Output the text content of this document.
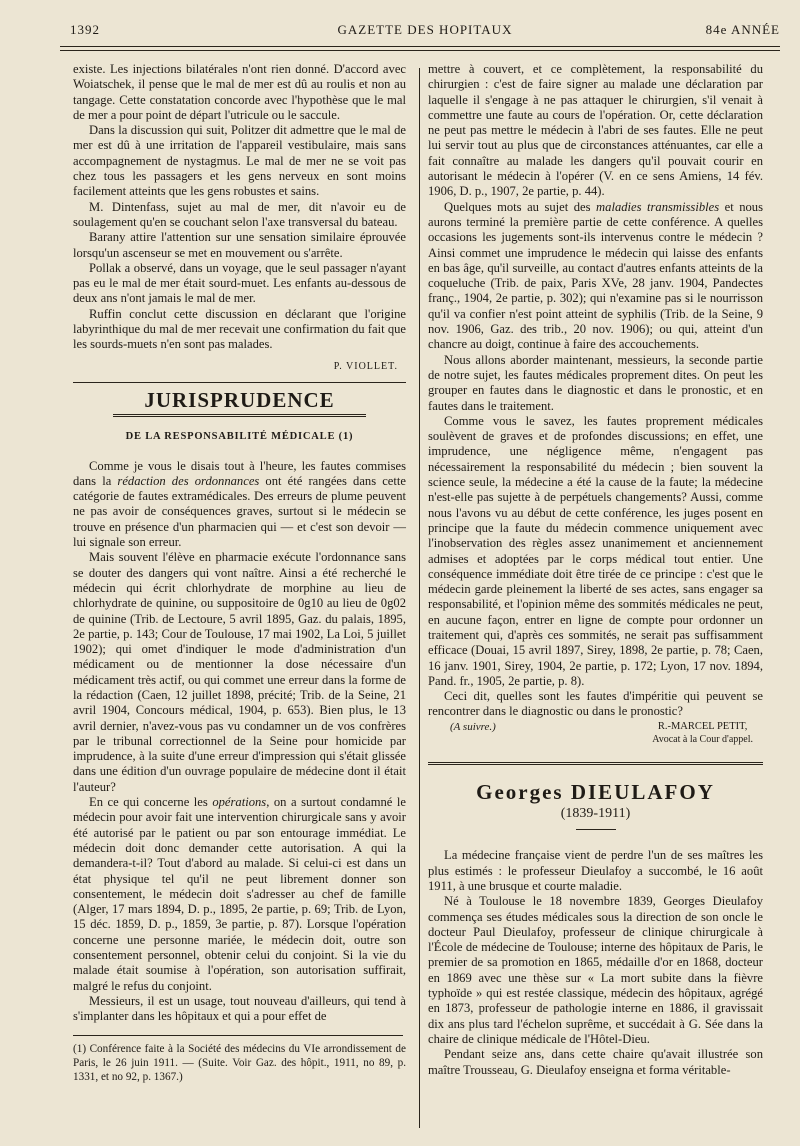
1392	GAZETTE DES HOPITAUX	84e ANNÉE

existe. Les injections bilatérales n'ont rien donné. D'accord avec Woiatschek, il pense que le mal de mer est dû au roulis et non au tangage. Cette constatation concorde avec l'hypothèse que le mal de mer a pour point de départ l'utricule ou le saccule.

Dans la discussion qui suit, Politzer dit admettre que le mal de mer est dû à une irritation de l'appareil vestibulaire, mais sans accompagnement de nystagmus. Le mal de mer ne se voit pas chez tous les passagers et les gens nerveux en sont moins facilement atteints que les gens robustes et sains.

M. Dintenfass, sujet au mal de mer, dit n'avoir eu de soulagement qu'en se couchant selon l'axe transversal du bateau.

Barany attire l'attention sur une sensation similaire éprouvée lorsqu'un ascenseur se met en mouvement ou s'arrête.

Pollak a observé, dans un voyage, que le seul passager n'ayant pas eu le mal de mer était sourd-muet. Les enfants au-dessous de deux ans n'ont jamais le mal de mer.

Ruffin conclut cette discussion en déclarant que l'origine labyrinthique du mal de mer recevait une confirmation du fait que les sourds-muets n'en sont pas malades.

P. VIOLLET.
JURISPRUDENCE
DE LA RESPONSABILITÉ MÉDICALE (1)

Comme je vous le disais tout à l'heure, les fautes commises dans la rédaction des ordonnances ont été rangées dans cette catégorie de fautes extramédicales. Des erreurs de plume peuvent ne pas avoir de conséquences graves, surtout si le médecin se trouve en présence d'un pharmacien qui — et c'est son devoir — lui signale son erreur.

Mais souvent l'élève en pharmacie exécute l'ordonnance sans se douter des dangers qui vont naître. Ainsi a été recherché le médecin qui écrit chlorhydrate de morphine au lieu de chlorhydrate de quinine, ou suppositoire de 0g10 au lieu de 0g02 de quinine (Trib. de Lectoure, 5 avril 1895, Gaz. du palais, 1895, 2e partie, p. 143; Cour de Toulouse, 17 mai 1902, La Loi, 5 juillet 1902); qui omet d'indiquer le mode d'administration d'un médicament ou de mentionner la dose nécessaire d'un médicament très actif, ou qui commet une erreur dans la forme de la rédaction (Caen, 12 juillet 1898, précité; Trib. de la Seine, 21 avril 1904, Concours médical, 1904, p. 653). Bien plus, le 13 avril dernier, n'avez-vous pas vu condamner un de vos confrères par le tribunal correctionnel de la Seine pour homicide par imprudence, à la suite d'une erreur d'impression qui s'était glissée dans une édition d'un ouvrage populaire de médecine dont il était l'auteur?

En ce qui concerne les opérations, on a surtout condamné le médecin pour avoir fait une intervention chirurgicale sans y avoir été autorisé par le patient ou par son entourage immédiat. Le médecin doit donc demander cette autorisation. A qui la demandera-t-il? Tout d'abord au malade. Si celui-ci est dans un état physique tel qu'il ne peut librement donner son consentement, le médecin doit s'adresser au chef de famille (Alger, 17 mars 1894, D. p., 1895, 2e partie, p. 69; Trib. de Lyon, 15 déc. 1859, D. p., 1859, 3e partie, p. 87). Lorsque l'opération concerne une personne mariée, le médecin doit, outre son consentement personnel, obtenir celui du conjoint. Si la vie du malade était soumise à l'opération, son autorisation suffirait, malgré le refus du conjoint.

Messieurs, il est un usage, tout nouveau d'ailleurs, qui tend à s'implanter dans les hôpitaux et qui a pour effet de

(1) Conférence faite à la Société des médecins du VIe arrondissement de Paris, le 26 juin 1911. — (Suite. Voir Gaz. des hôpit., 1911, no 89, p. 1331, et no 92, p. 1367.)

mettre à couvert, et ce complètement, la responsabilité du chirurgien : c'est de faire signer au malade une déclaration par laquelle il s'engage à ne pas attaquer le chirurgien, s'il venait à commettre une faute au cours de l'opération. Or, cette déclaration ne peut pas mettre le médecin à l'abri de ses fautes. Elle ne peut lui servir tout au plus que de circonstances atténuantes, car elle a fait connaître au malade les dangers qu'il pouvait courir en autorisant le médecin à l'opérer (V. en ce sens Amiens, 14 fév. 1906, D. p., 1907, 2e partie, p. 44).

Quelques mots au sujet des maladies transmissibles et nous aurons terminé la première partie de cette conférence. A quelles occasions les jugements sont-ils intervenus contre le médecin ? Ainsi commet une imprudence le médecin qui laisse des enfants en bas âge, qu'il surveille, au contact d'autres enfants atteints de la coqueluche (Trib. de paix, Paris XVe, 28 janv. 1904, Pandectes franç., 1904, 2e partie, p. 302); qui n'examine pas si le nourrisson qu'il va confier n'est point atteint de syphilis (Trib. de la Seine, 9 nov. 1906, Gaz. des trib., 20 nov. 1906); ou qui, atteint d'un chancre au doigt, continue à faire des accouchements.

Nous allons aborder maintenant, messieurs, la seconde partie de notre sujet, les fautes médicales proprement dites. On peut les grouper en fautes dans le diagnostic et dans le pronostic, et en fautes dans le traitement.

Comme vous le savez, les fautes proprement médicales soulèvent de graves et de profondes discussions; en effet, une imprudence, une négligence même, n'engagent pas nécessairement la responsabilité du médecin ; bien souvent la science seule, la médecine a été la cause de la faute; la médecine n'est-elle pas sujette à de perpétuels changements? Aussi, comme nous l'avons vu au début de cette conférence, les juges posent en principe que la faute du médecin commence uniquement avec l'inobservation des règles assez unanimement et anciennement admises et adoptées par le corps médical tout entier. Une conséquence immédiate doit être tirée de ce principe : c'est que le médecin garde pleinement la liberté de ses actes, sans engager sa responsabilité, et l'opinion même des sommités médicales ne peut, en aucune façon, entrer en ligne de compte pour ordonner un traitement qui, d'après ces sommités, ne serait pas suffisamment efficace (Douai, 15 avril 1897, Sirey, 1898, 2e partie, p. 78; Caen, 16 janv. 1901, Sirey, 1904, 2e partie, p. 172; Lyon, 17 nov. 1894, Pand. fr., 1905, 2e partie, p. 8).

Ceci dit, quelles sont les fautes d'impéritie qui peuvent se rencontrer dans le diagnostic ou dans le pronostic?

(A suivre.)	R.-MARCEL PETIT,
Avocat à la Cour d'appel.
Georges DIEULAFOY
(1839-1911)

La médecine française vient de perdre l'un de ses maîtres les plus estimés : le professeur Dieulafoy a succombé, le 16 août 1911, à une brusque et courte maladie.

Né à Toulouse le 18 novembre 1839, Georges Dieulafoy commença ses études médicales sous la direction de son oncle le docteur Paul Dieulafoy, professeur de clinique chirurgicale à l'École de médecine de Toulouse; interne des hôpitaux de Paris, le premier de sa promotion en 1865, médaille d'or en 1868, docteur en 1869 avec une thèse sur « La mort subite dans la fièvre typhoïde » qui est restée classique, médecin des hôpitaux, agrégé en 1873, professeur de pathologie interne en 1886, il gravissait dix ans plus tard l'échelon suprême, et succédait à G. Sée dans la chaire de clinique médicale de l'Hôtel-Dieu.

Pendant seize ans, dans cette chaire qu'avait illustrée son maître Trousseau, G. Dieulafoy enseigna et forma véritable-
